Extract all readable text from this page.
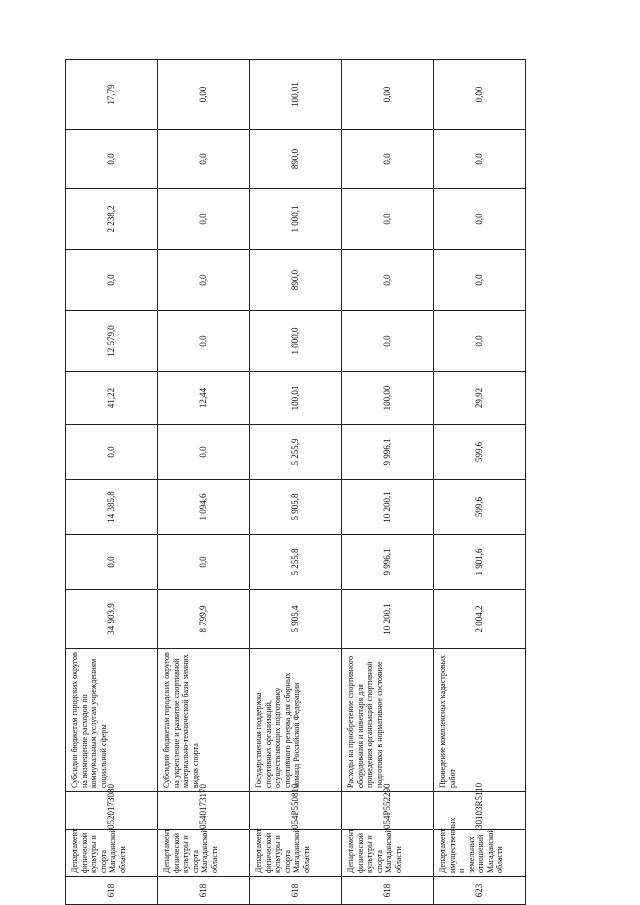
618	Департамент физической культуры и спорта Магаданской области	0520173080	Субсидии бюджетам городских округов на возмещение расходов по коммунальным услугам учреждениям социальной сферы	34 903,9	0,0	14 385,8	0,0	41,22	12 579,0	0,0	2 238,2	0,0	17,79
618	Департамент физической культуры и спорта Магаданской области	0540173170	Субсидии бюджетам городских округов на укрепление и развитие спортивной материально-технической базы зимних видов спорта	8 799,9	0,0	1 094,6	0,0	12,44	0,0	0,0	0,0	0,0	0,00
618	Департамент физической культуры и спорта Магаданской области	054P550810	Государственная поддержка спортивных организаций, осуществляющих подготовку спортивного резерва для сборных команд Российской Федерации	5 905,4	5 255,8	5 905,8	5 255,9	100,01	1 000,0	890,0	1 000,1	890,0	100,01
618	Департамент физической культуры и спорта Магаданской области	054P552290	Расходы на приобретение спортивного оборудования и инвентаря для приведения организаций спортивной подготовки в нормативное состояние	10 200,1	9 996,1	10 200,1	9 996,1	100,00	0,0	0,0	0,0	0,0	0,00
623	Департамент имущественных и земельных отношений Магаданской области	30103R5110	Проведение комплексных кадастровых работ	2 004,2	1 901,6	599,6	599,6	29,92	0,0	0,0	0,0	0,0	0,00
